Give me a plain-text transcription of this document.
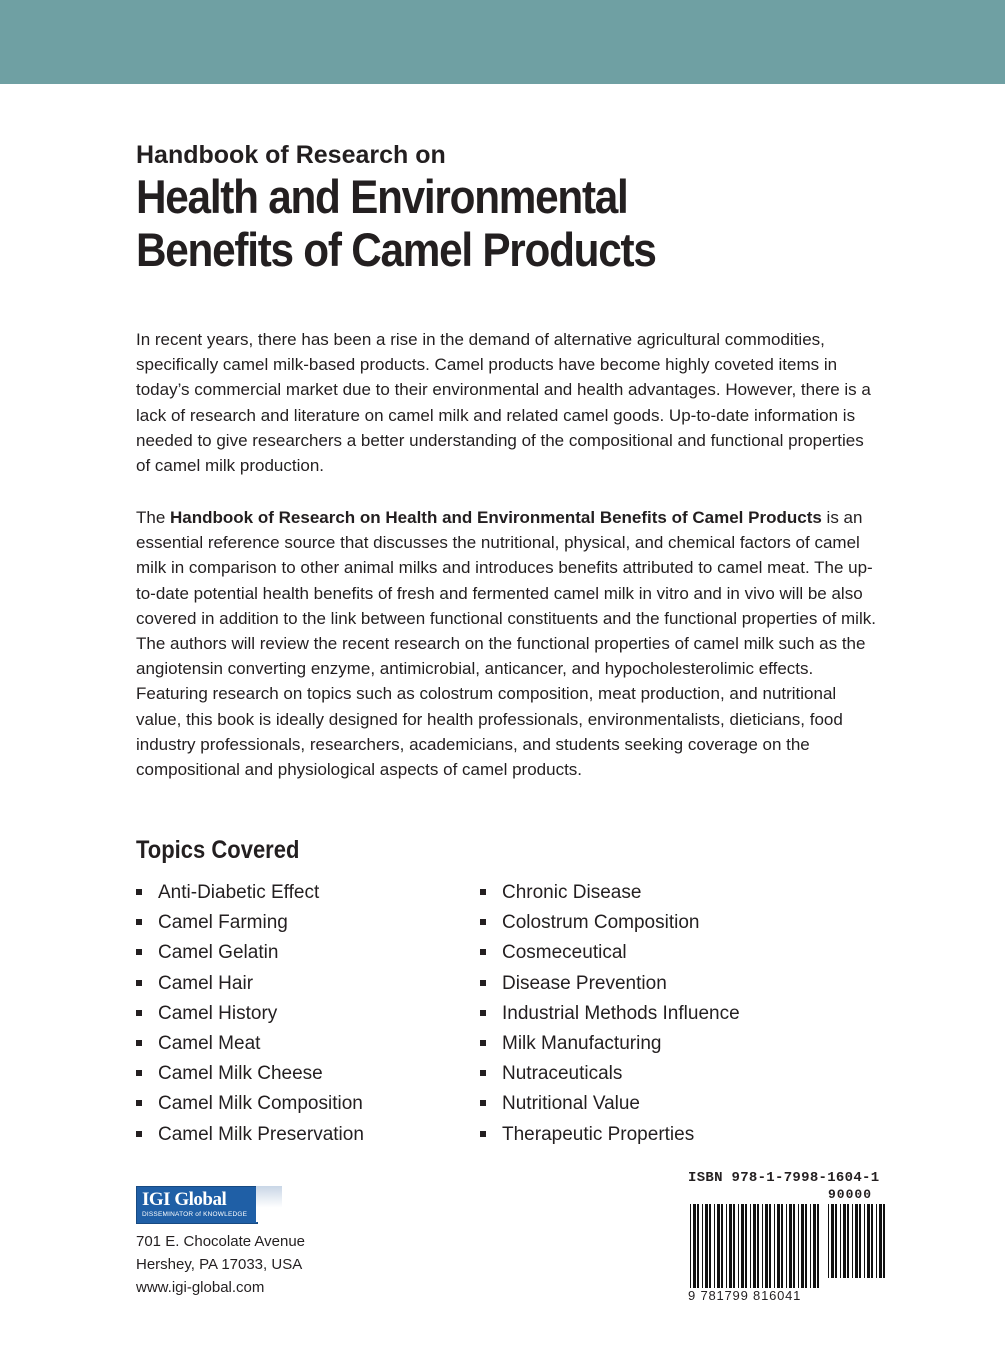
Handbook of Research on
Health and Environmental
Benefits of Camel Products

In recent years, there has been a rise in the demand of alternative agricultural commodities, specifically camel milk-based products. Camel products have become highly coveted items in today’s commercial market due to their environmental and health advantages. However, there is a lack of research and literature on camel milk and related camel goods. Up-to-date information is needed to give researchers a better understanding of the compositional and functional properties of camel milk production.

The Handbook of Research on Health and Environmental Benefits of Camel Products is an essential reference source that discusses the nutritional, physical, and chemical factors of camel milk in comparison to other animal milks and introduces benefits attributed to camel meat. The up-to-date potential health benefits of fresh and fermented camel milk in vitro and in vivo will be also covered in addition to the link between functional constituents and the functional properties of milk. The authors will review the recent research on the functional properties of camel milk such as the angiotensin converting enzyme, antimicrobial, anticancer, and hypocholesterolimic effects. Featuring research on topics such as colostrum composition, meat production, and nutritional value, this book is ideally designed for health professionals, environmentalists, dieticians, food industry professionals, researchers, academicians, and students seeking coverage on the compositional and physiological aspects of camel products.

Topics Covered
Anti-Diabetic Effect
Camel Farming
Camel Gelatin
Camel Hair
Camel History
Camel Meat
Camel Milk Cheese
Camel Milk Composition
Camel Milk Preservation
Chronic Disease
Colostrum Composition
Cosmeceutical
Disease Prevention
Industrial Methods Influence
Milk Manufacturing
Nutraceuticals
Nutritional Value
Therapeutic Properties
IGI Global
DISSEMINATOR of KNOWLEDGE
701 E. Chocolate Avenue
Hershey, PA 17033, USA
www.igi-global.com
ISBN 978-1-7998-1604-1
90000
9 781799 816041
